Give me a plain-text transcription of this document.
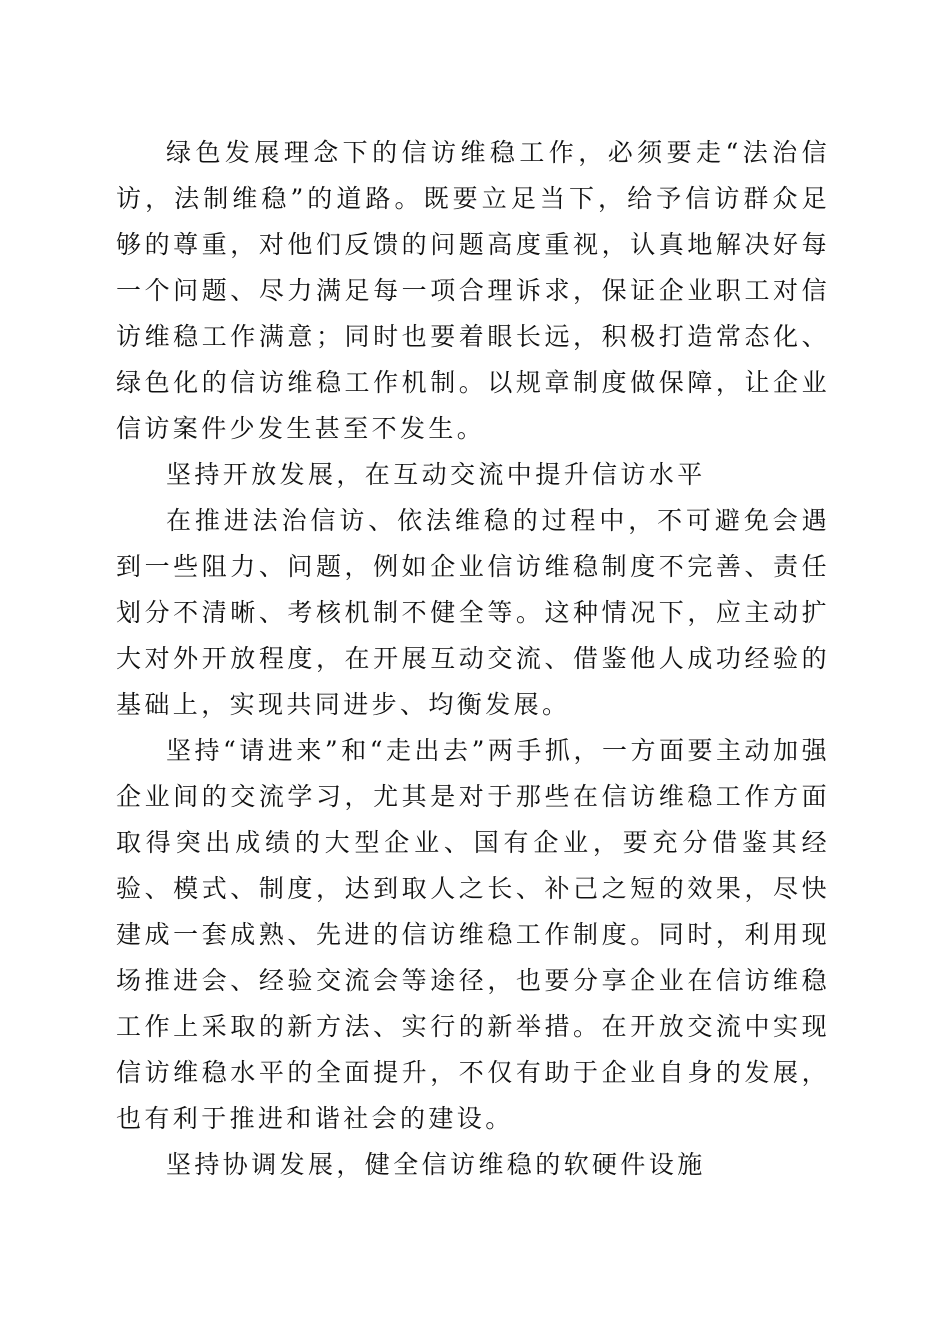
绿色发展理念下的信访维稳工作，必须要走“法治信访，法制维稳”的道路。既要立足当下，给予信访群众足够的尊重，对他们反馈的问题高度重视，认真地解决好每一个问题、尽力满足每一项合理诉求，保证企业职工对信访维稳工作满意；同时也要着眼长远，积极打造常态化、绿色化的信访维稳工作机制。以规章制度做保障，让企业信访案件少发生甚至不发生。

坚持开放发展，在互动交流中提升信访水平

在推进法治信访、依法维稳的过程中，不可避免会遇到一些阻力、问题，例如企业信访维稳制度不完善、责任划分不清晰、考核机制不健全等。这种情况下，应主动扩大对外开放程度，在开展互动交流、借鉴他人成功经验的基础上，实现共同进步、均衡发展。

坚持“请进来”和“走出去”两手抓，一方面要主动加强企业间的交流学习，尤其是对于那些在信访维稳工作方面取得突出成绩的大型企业、国有企业，要充分借鉴其经验、模式、制度，达到取人之长、补己之短的效果，尽快建成一套成熟、先进的信访维稳工作制度。同时，利用现场推进会、经验交流会等途径，也要分享企业在信访维稳工作上采取的新方法、实行的新举措。在开放交流中实现信访维稳水平的全面提升，不仅有助于企业自身的发展，也有利于推进和谐社会的建设。

坚持协调发展，健全信访维稳的软硬件设施
